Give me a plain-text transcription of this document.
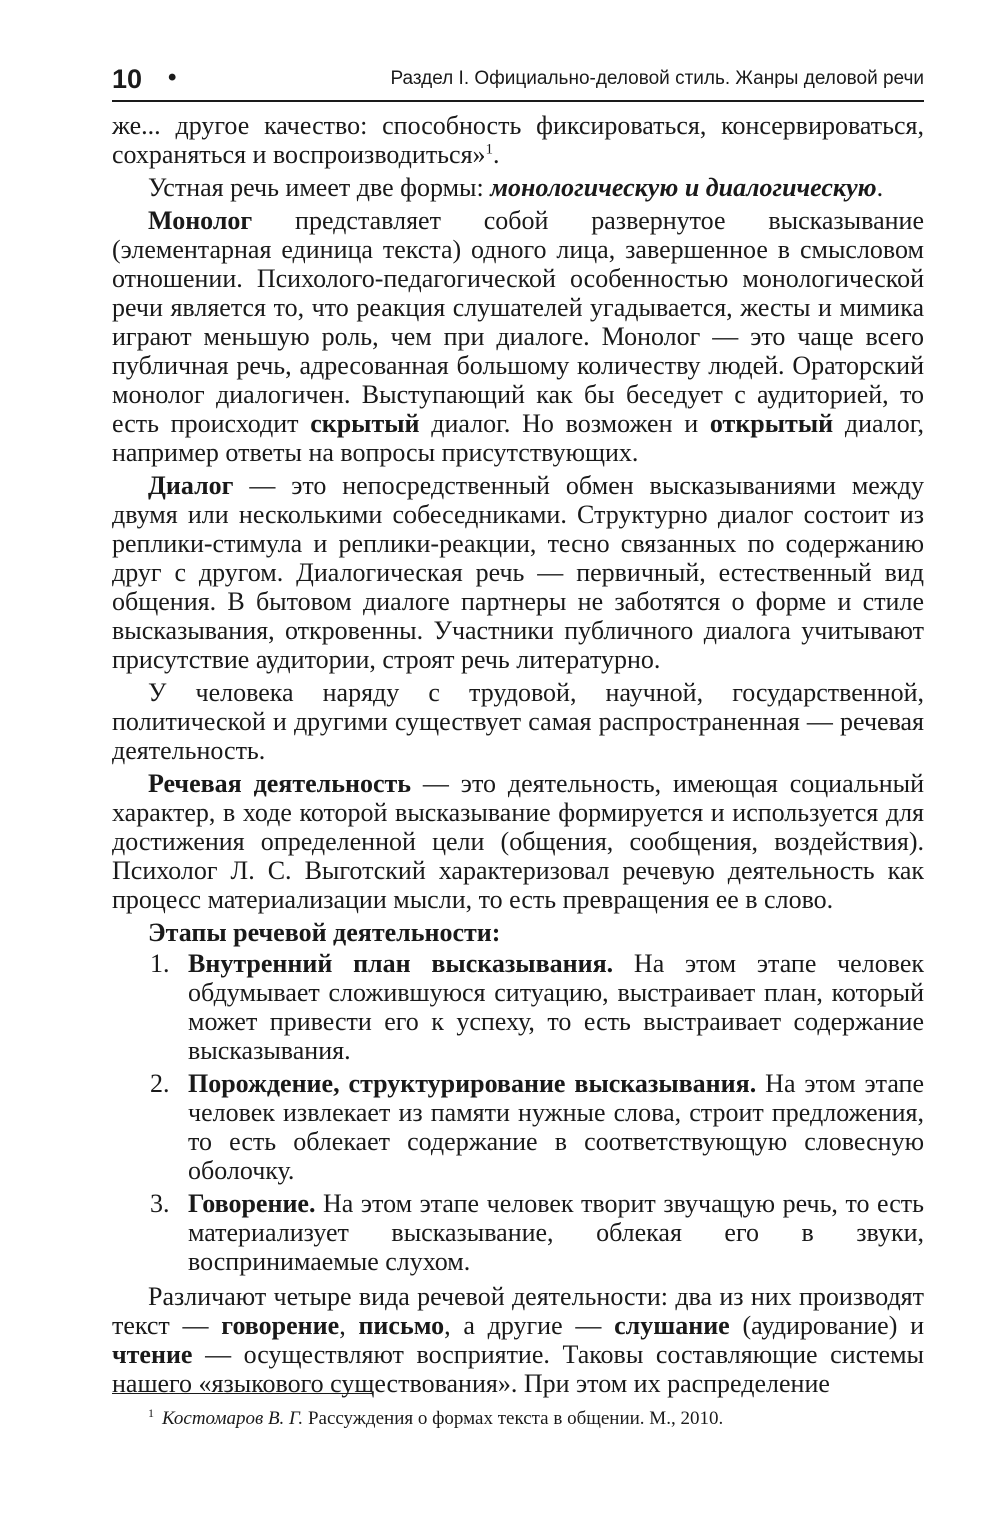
10 •	Раздел I. Официально-деловой стиль. Жанры деловой речи

же... другое качество: способность фиксироваться, консервироваться, сохраняться и воспроизводиться»$^1$.

Устная речь имеет две формы: монологическую и диалогическую.

Монолог представляет собой развернутое высказывание (элементарная единица текста) одного лица, завершенное в смысловом отношении. Психолого-педагогической особенностью монологической речи является то, что реакция слушателей угадывается, жесты и мимика играют меньшую роль, чем при диалоге. Монолог — это чаще всего публичная речь, адресованная большому количеству людей. Ораторский монолог диалогичен. Выступающий как бы беседует с аудиторией, то есть происходит скрытый диалог. Но возможен и открытый диалог, например ответы на вопросы присутствующих.

Диалог — это непосредственный обмен высказываниями между двумя или несколькими собеседниками. Структурно диалог состоит из реплики-стимула и реплики-реакции, тесно связанных по содержанию друг с другом. Диалогическая речь — первичный, естественный вид общения. В бытовом диалоге партнеры не заботятся о форме и стиле высказывания, откровенны. Участники публичного диалога учитывают присутствие аудитории, строят речь литературно.

У человека наряду с трудовой, научной, государственной, политической и другими существует самая распространенная — речевая деятельность.

Речевая деятельность — это деятельность, имеющая социальный характер, в ходе которой высказывание формируется и используется для достижения определенной цели (общения, сообщения, воздействия). Психолог Л. С. Выготский характеризовал речевую деятельность как процесс материализации мысли, то есть превращения ее в слово.

Этапы речевой деятельности:
1. Внутренний план высказывания. На этом этапе человек обдумывает сложившуюся ситуацию, выстраивает план, который может привести его к успеху, то есть выстраивает содержание высказывания.
2. Порождение, структурирование высказывания. На этом этапе человек извлекает из памяти нужные слова, строит предложения, то есть облекает содержание в соответствующую словесную оболочку.
3. Говорение. На этом этапе человек творит звучащую речь, то есть материализует высказывание, облекая его в звуки, воспринимаемые слухом.

Различают четыре вида речевой деятельности: два из них производят текст — говорение, письмо, а другие — слушание (аудирование) и чтение — осуществляют восприятие. Таковы составляющие системы нашего «языкового существования». При этом их распределение

$^1$ Костомаров В. Г. Рассуждения о формах текста в общении. М., 2010.
